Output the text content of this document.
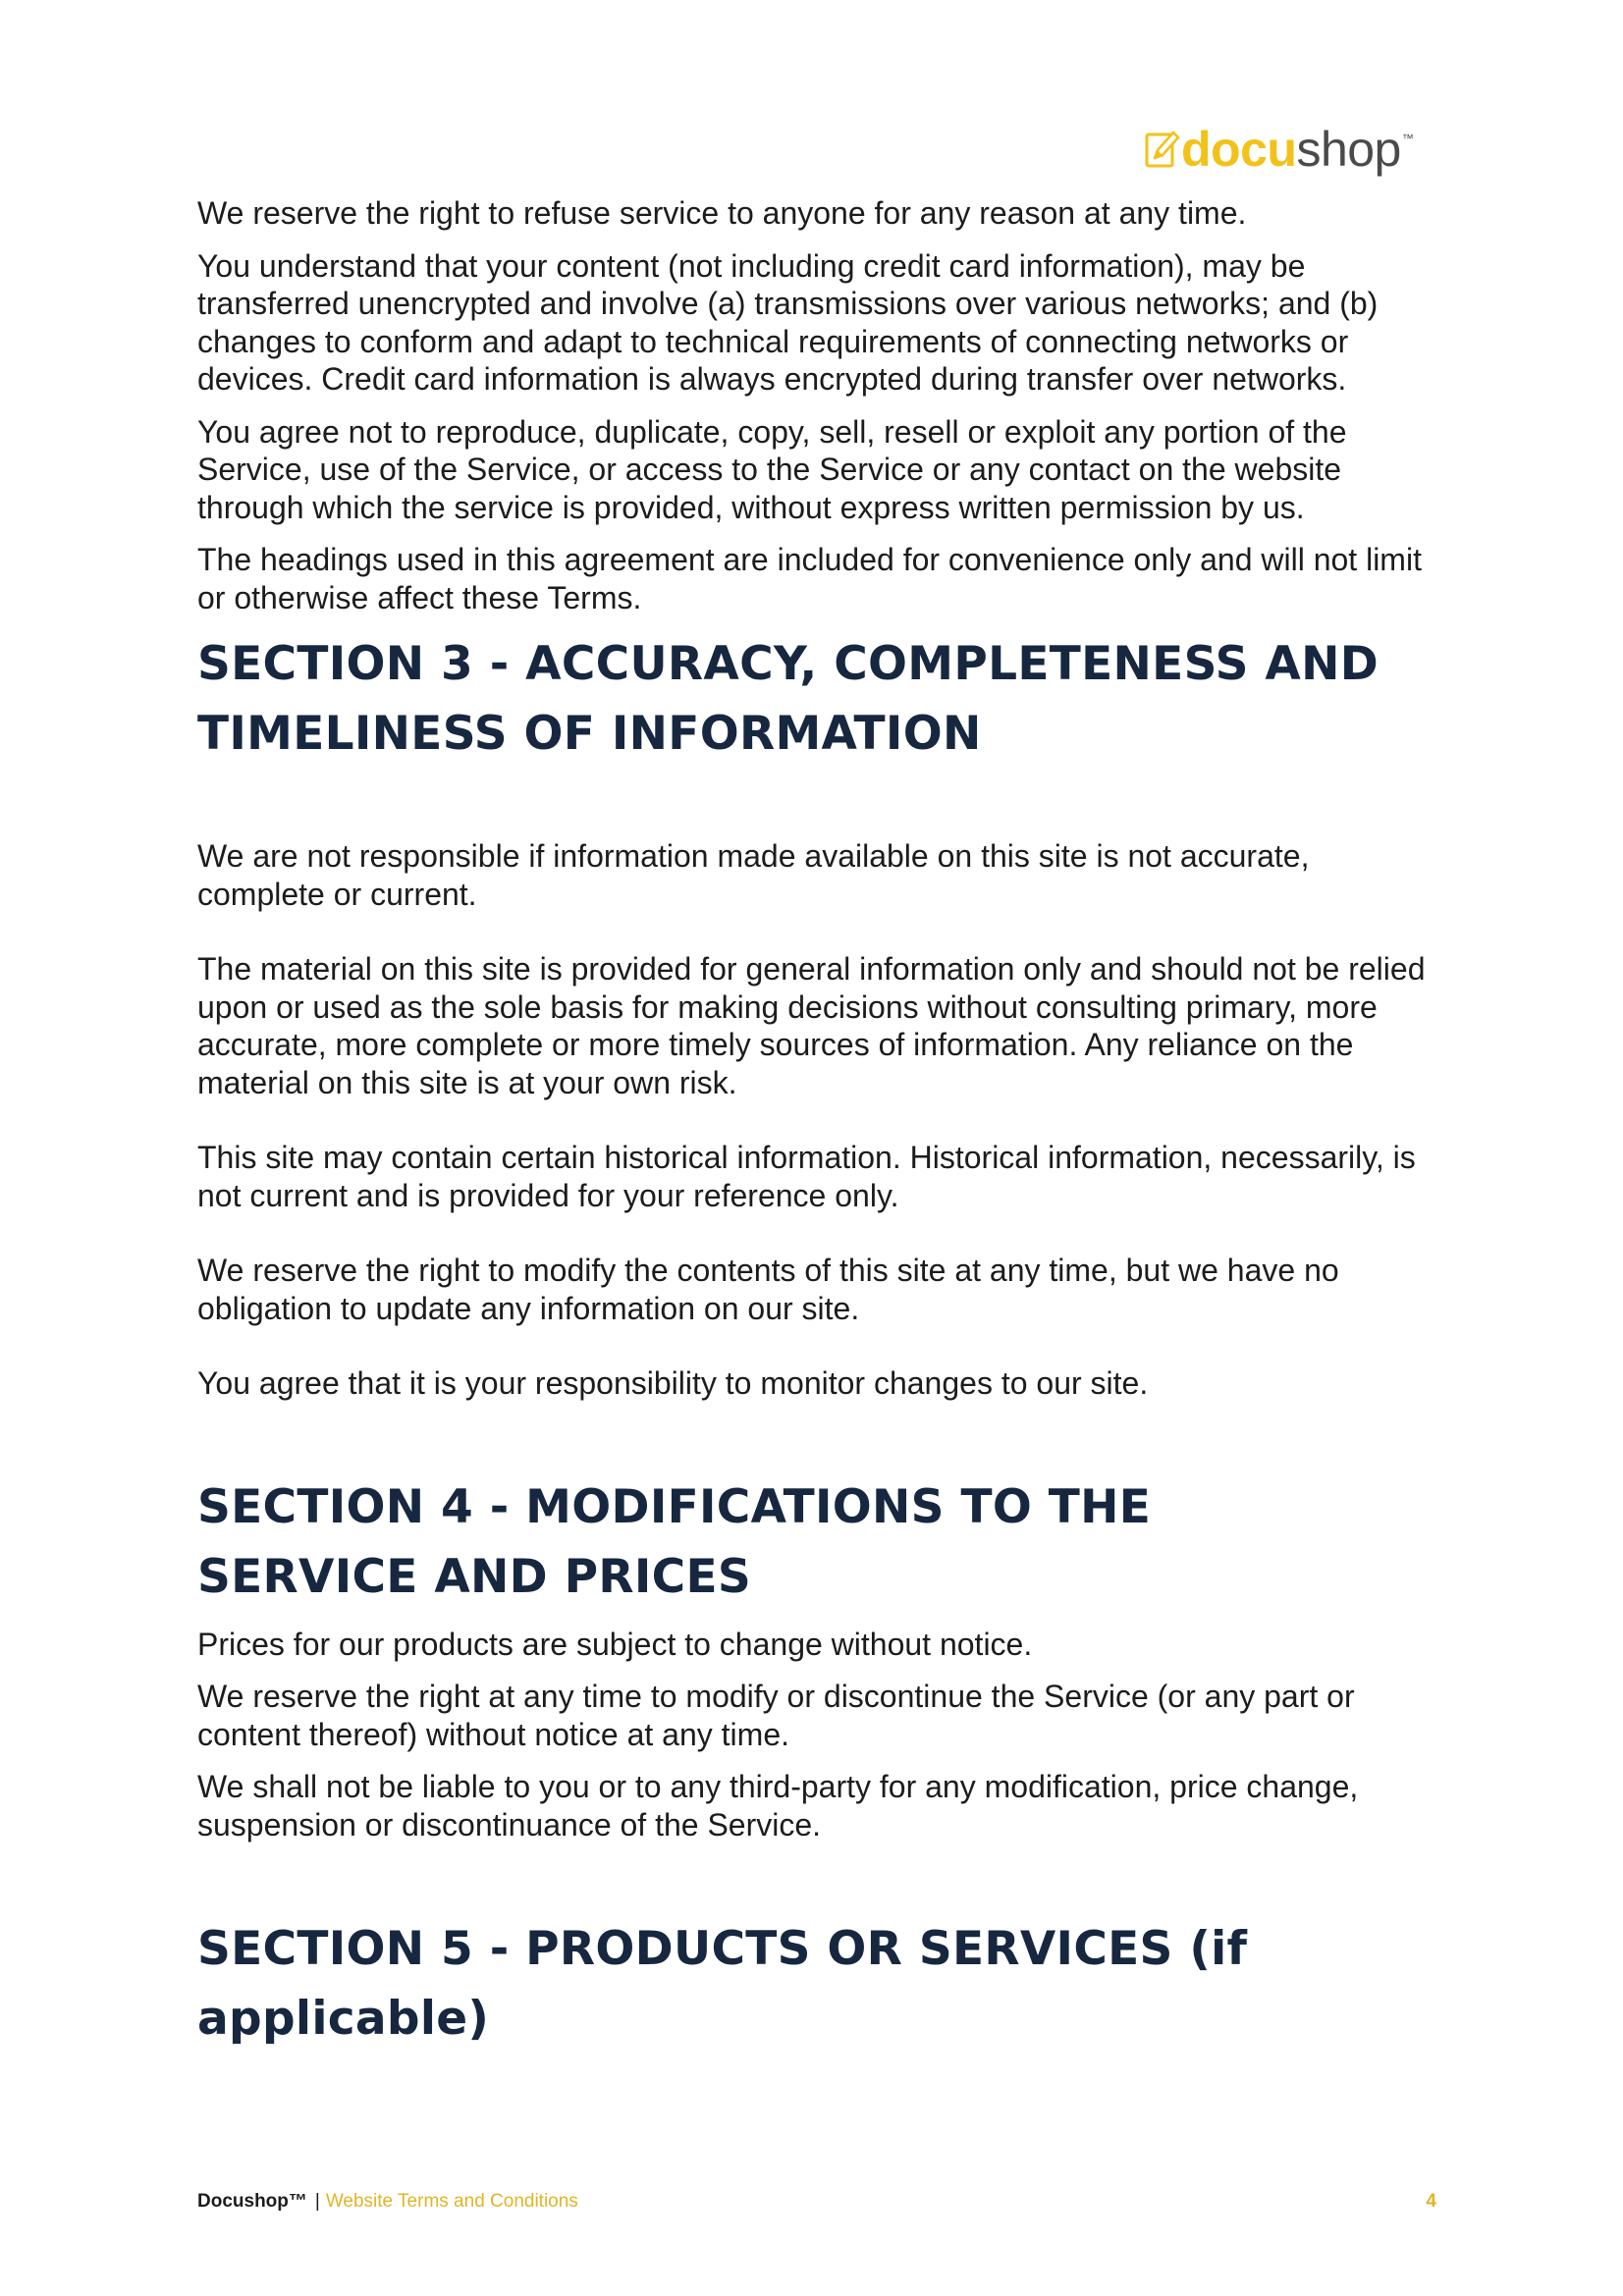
docu shop ™

We reserve the right to refuse service to anyone for any reason at any time.

You understand that your content (not including credit card information), may be transferred unencrypted and involve (a) transmissions over various networks; and (b) changes to conform and adapt to technical requirements of connecting networks or devices. Credit card information is always encrypted during transfer over networks.

You agree not to reproduce, duplicate, copy, sell, resell or exploit any portion of the Service, use of the Service, or access to the Service or any contact on the website through which the service is provided, without express written permission by us.

The headings used in this agreement are included for convenience only and will not limit or otherwise affect these Terms.

SECTION 3 - ACCURACY, COMPLETENESS AND TIMELINESS OF INFORMATION

We are not responsible if information made available on this site is not accurate, complete or current.

The material on this site is provided for general information only and should not be relied upon or used as the sole basis for making decisions without consulting primary, more accurate, more complete or more timely sources of information. Any reliance on the material on this site is at your own risk.

This site may contain certain historical information. Historical information, necessarily, is not current and is provided for your reference only.

We reserve the right to modify the contents of this site at any time, but we have no obligation to update any information on our site.

You agree that it is your responsibility to monitor changes to our site.

SECTION 4 - MODIFICATIONS TO THE SERVICE AND PRICES

Prices for our products are subject to change without notice.

We reserve the right at any time to modify or discontinue the Service (or any part or content thereof) without notice at any time.

We shall not be liable to you or to any third-party for any modification, price change, suspension or discontinuance of the Service.

SECTION 5 - PRODUCTS OR SERVICES (if applicable)
Docushop™ | Website Terms and Conditions	4
